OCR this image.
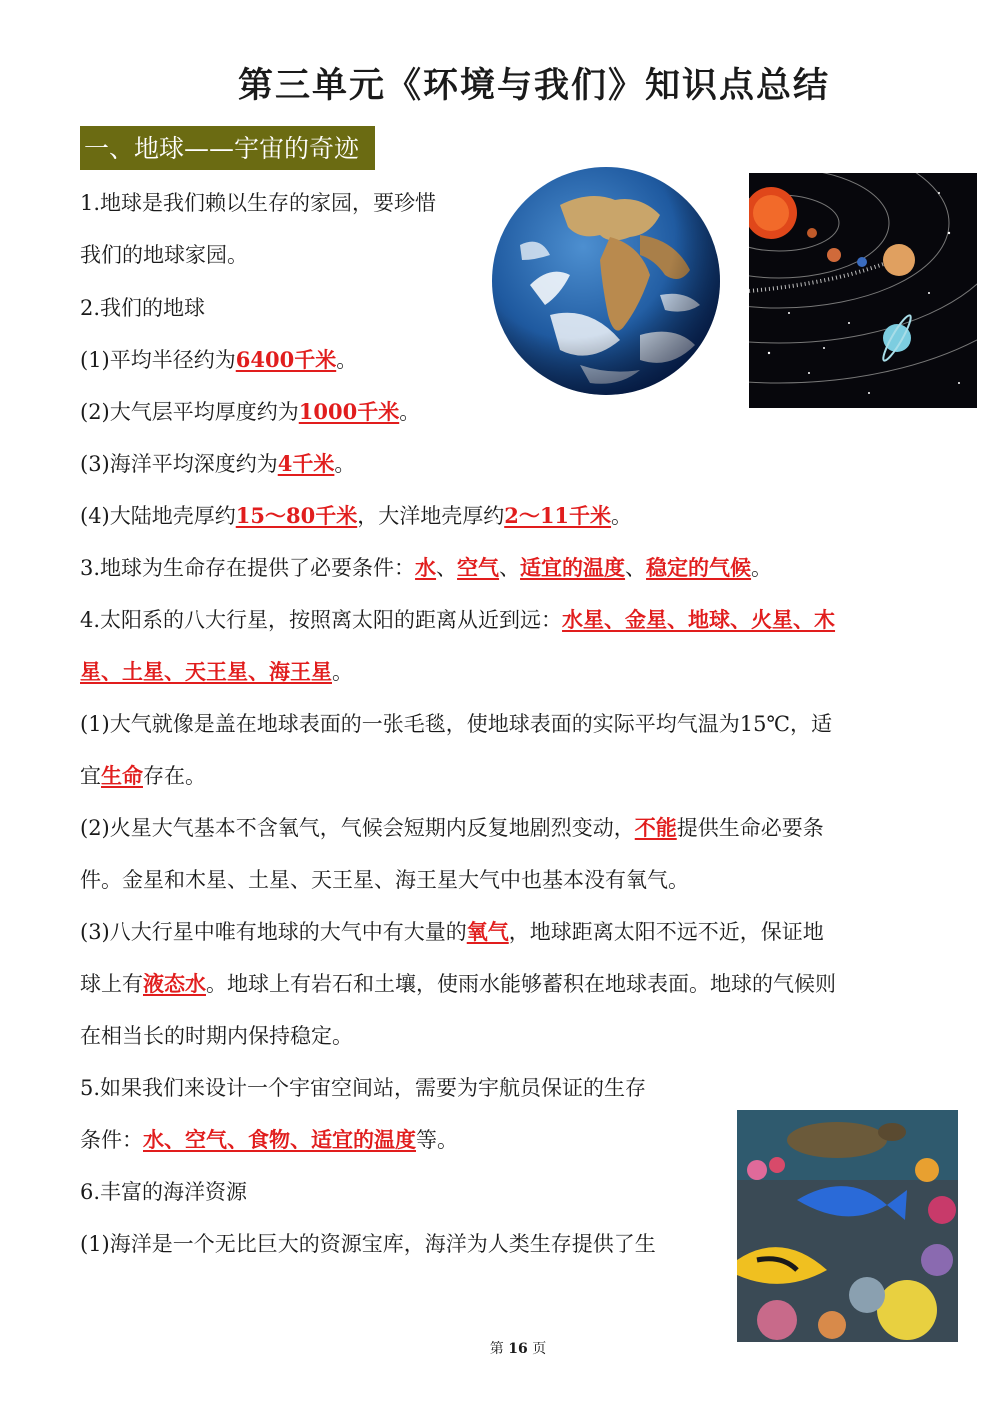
第三单元《环境与我们》知识点总结
一、地球——宇宙的奇迹
1.地球是我们赖以生存的家园，要珍惜
我们的地球家园。
2.我们的地球
(1)平均半径约为6400千米。
(2)大气层平均厚度约为1000千米。
(3)海洋平均深度约为4千米。
(4)大陆地壳厚约15～80千米，大洋地壳厚约2～11千米。
3.地球为生命存在提供了必要条件：水、空气、适宜的温度、稳定的气候。
4.太阳系的八大行星，按照离太阳的距离从近到远：水星、金星、地球、火星、木
星、土星、天王星、海王星。
(1)大气就像是盖在地球表面的一张毛毯，使地球表面的实际平均气温为15℃，适
宜生命存在。
(2)火星大气基本不含氧气，气候会短期内反复地剧烈变动，不能提供生命必要条
件。金星和木星、土星、天王星、海王星大气中也基本没有氧气。
(3)八大行星中唯有地球的大气中有大量的氧气，地球距离太阳不远不近，保证地
球上有液态水。地球上有岩石和土壤，使雨水能够蓄积在地球表面。地球的气候则
在相当长的时期内保持稳定。
5.如果我们来设计一个宇宙空间站，需要为宇航员保证的生存
条件：水、空气、食物、适宜的温度等。
6.丰富的海洋资源
(1)海洋是一个无比巨大的资源宝库，海洋为人类生存提供了生
第 16 页
